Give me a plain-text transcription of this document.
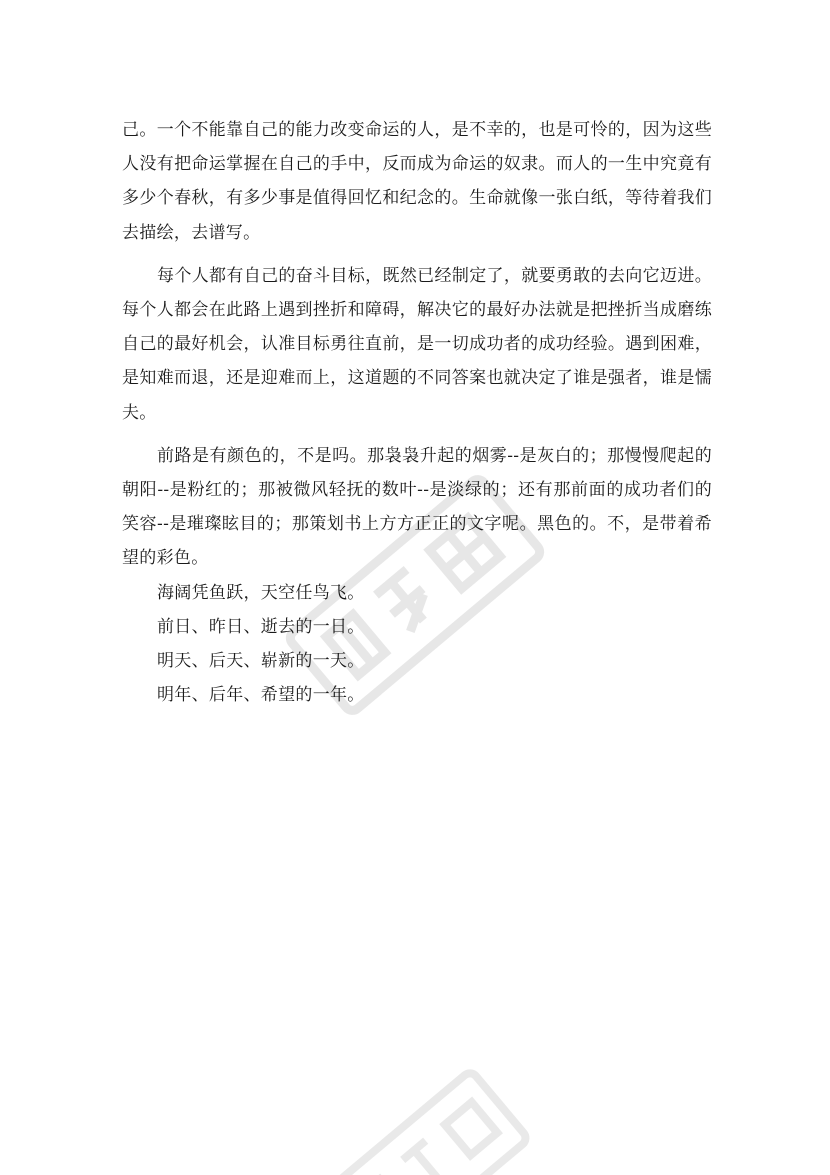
己。一个不能靠自己的能力改变命运的人，是不幸的，也是可怜的，因为这些人没有把命运掌握在自己的手中，反而成为命运的奴隶。而人的一生中究竟有多少个春秋，有多少事是值得回忆和纪念的。生命就像一张白纸，等待着我们去描绘，去谱写。

每个人都有自己的奋斗目标，既然已经制定了，就要勇敢的去向它迈进。每个人都会在此路上遇到挫折和障碍，解决它的最好办法就是把挫折当成磨练自己的最好机会，认准目标勇往直前，是一切成功者的成功经验。遇到困难，是知难而退，还是迎难而上，这道题的不同答案也就决定了谁是强者，谁是懦夫。

前路是有颜色的，不是吗。那袅袅升起的烟雾--是灰白的；那慢慢爬起的朝阳--是粉红的；那被微风轻抚的数叶--是淡绿的；还有那前面的成功者们的笑容--是璀璨眩目的；那策划书上方方正正的文字呢。黑色的。不，是带着希望的彩色。

海阔凭鱼跃，天空任鸟飞。

前日、昨日、逝去的一日。

明天、后天、崭新的一天。

明年、后年、希望的一年。
